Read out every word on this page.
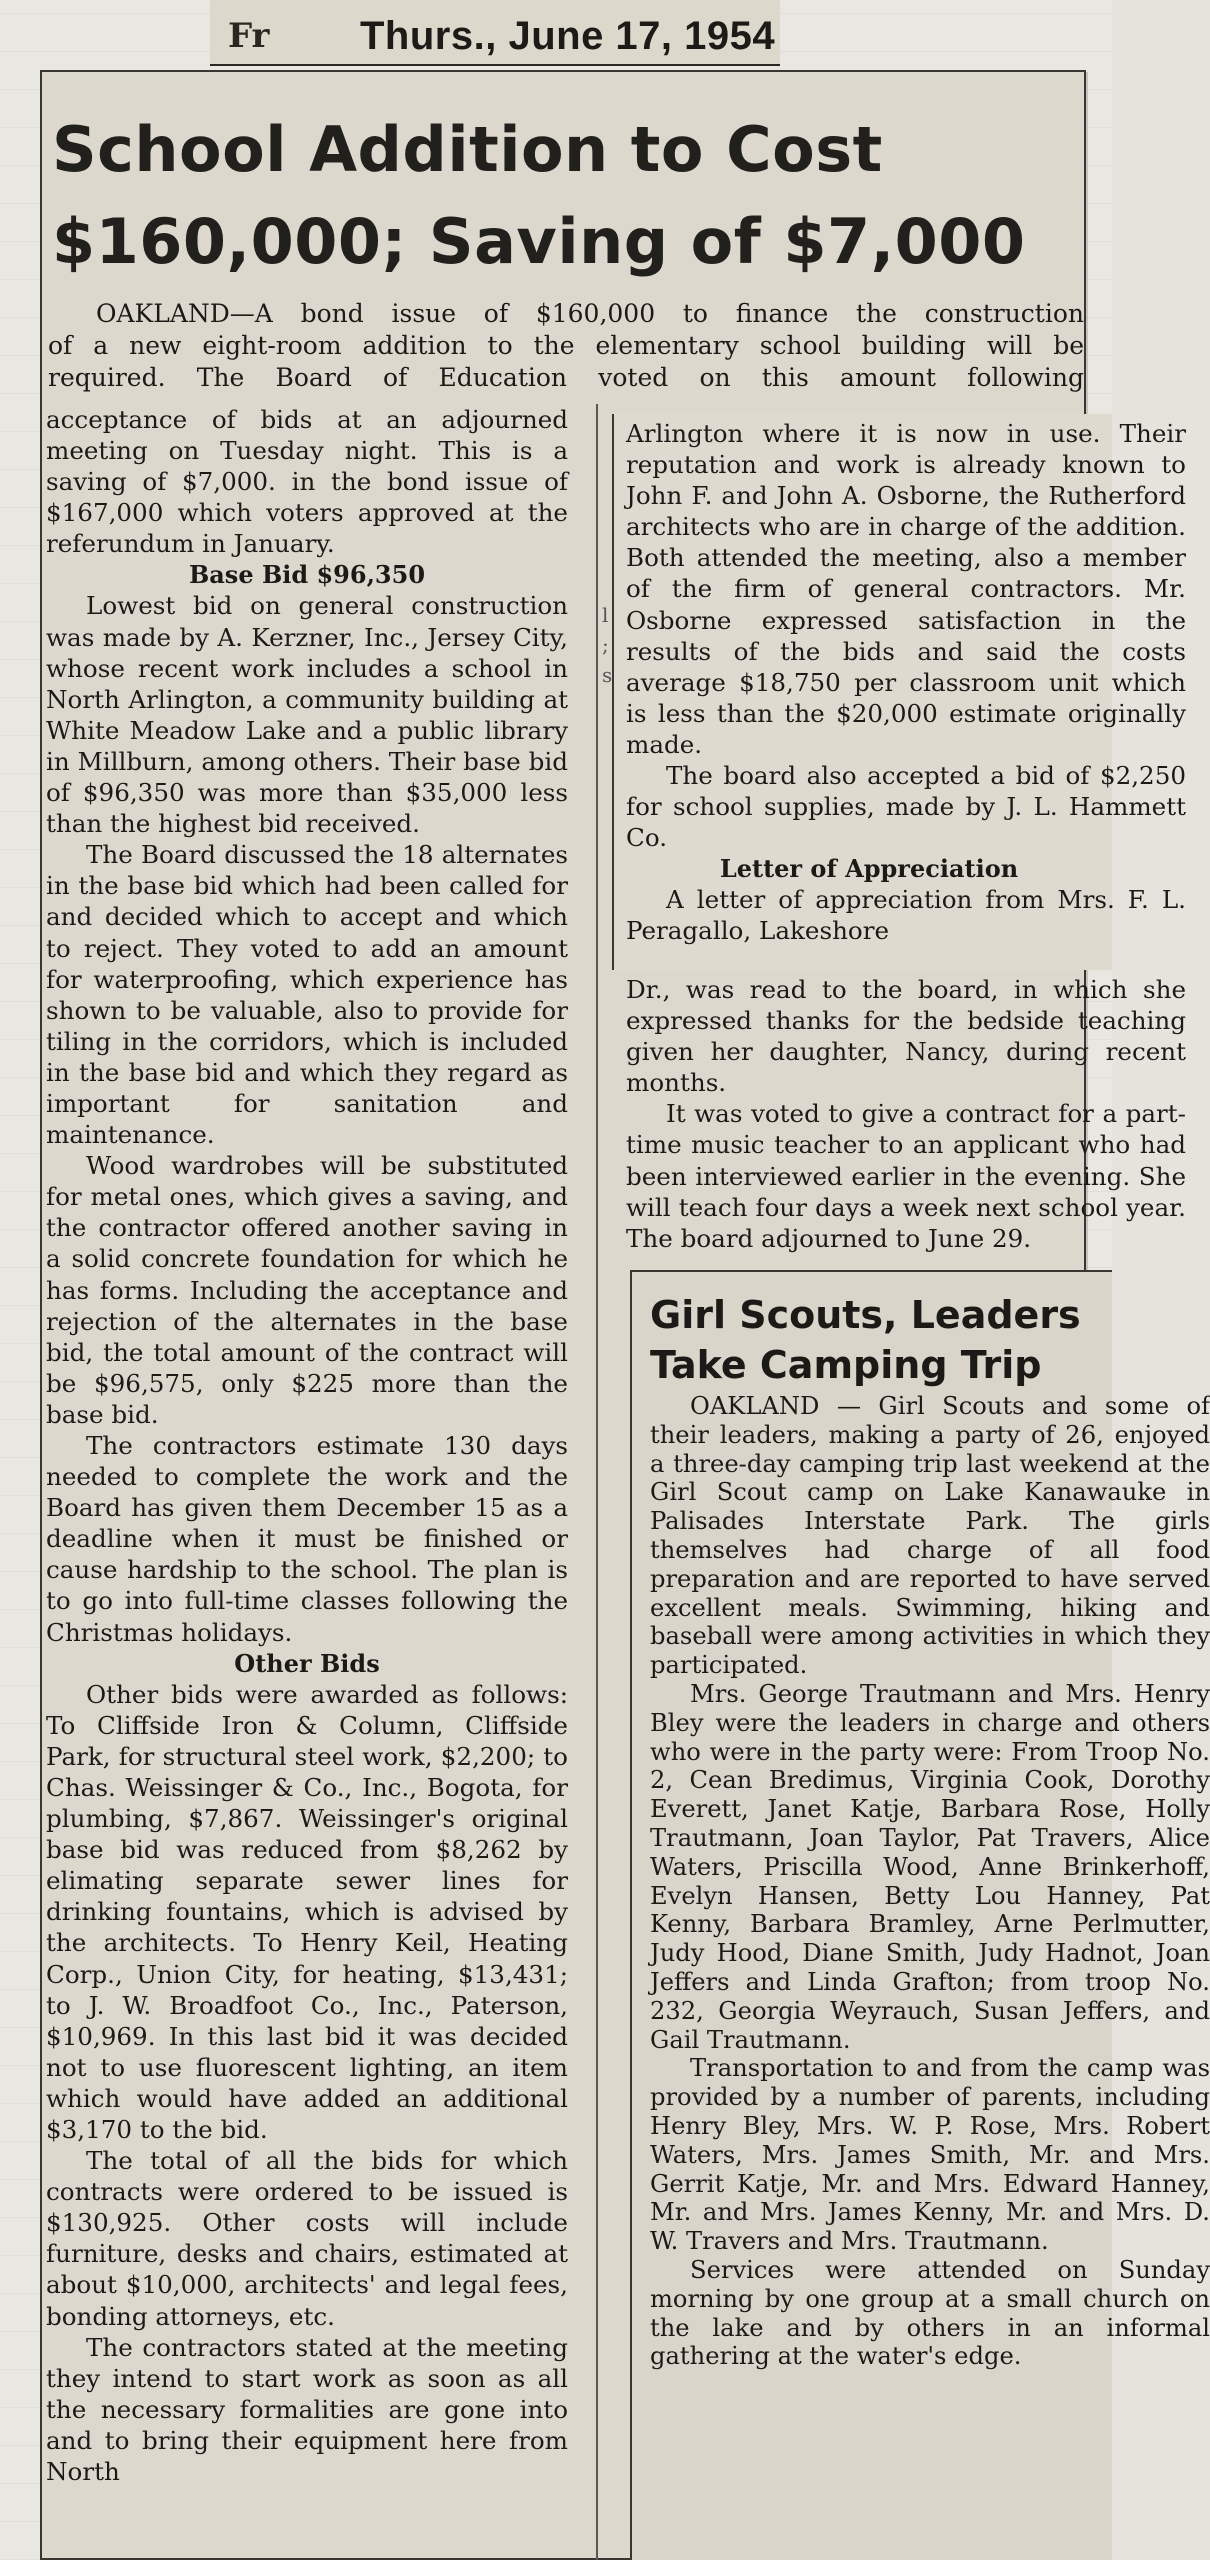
Fr	Thurs., June 17, 1954
School Addition to Cost
$160,000; Saving of $7,000
OAKLAND—A bond issue of $160,000 to finance the construction
of a new eight-room addition to the elementary school building will be
required. The Board of Education voted on this amount following

acceptance of bids at an adjourned meeting on Tuesday night. This is a saving of $7,000. in the bond issue of $167,000 which voters approved at the referundum in January.

Base Bid $96,350

Lowest bid on general construction was made by A. Kerzner, Inc., Jersey City, whose recent work includes a school in North Arlington, a community building at White Meadow Lake and a public library in Millburn, among others. Their base bid of $96,350 was more than $35,000 less than the highest bid received.

The Board discussed the 18 alternates in the base bid which had been called for and decided which to accept and which to reject. They voted to add an amount for waterproofing, which experience has shown to be valuable, also to provide for tiling in the corridors, which is included in the base bid and which they regard as important for sanitation and maintenance.

Wood wardrobes will be substituted for metal ones, which gives a saving, and the contractor offered another saving in a solid concrete foundation for which he has forms. Including the acceptance and rejection of the alternates in the base bid, the total amount of the contract will be $96,575, only $225 more than the base bid.

The contractors estimate 130 days needed to complete the work and the Board has given them December 15 as a deadline when it must be finished or cause hardship to the school. The plan is to go into full-time classes following the Christmas holidays.

Other Bids

Other bids were awarded as follows: To Cliffside Iron & Column, Cliffside Park, for structural steel work, $2,200; to Chas. Weissinger & Co., Inc., Bogota, for plumbing, $7,867. Weissinger's original base bid was reduced from $8,262 by elimating separate sewer lines for drinking fountains, which is advised by the architects. To Henry Keil, Heating Corp., Union City, for heating, $13,431; to J. W. Broadfoot Co., Inc., Paterson, $10,969. In this last bid it was decided not to use fluorescent lighting, an item which would have added an additional $3,170 to the bid.

The total of all the bids for which contracts were ordered to be issued is $130,925. Other costs will include furniture, desks and chairs, estimated at about $10,000, architects' and legal fees, bonding attorneys, etc.

The contractors stated at the meeting they intend to start work as soon as all the necessary formalities are gone into and to bring their equipment here from North

l ; s

Arlington where it is now in use. Their reputation and work is already known to John F. and John A. Osborne, the Rutherford architects who are in charge of the addition. Both attended the meeting, also a member of the firm of general contractors. Mr. Osborne expressed satisfaction in the results of the bids and said the costs average $18,750 per classroom unit which is less than the $20,000 estimate originally made.

The board also accepted a bid of $2,250 for school supplies, made by J. L. Hammett Co.

Letter of Appreciation

A letter of appreciation from Mrs. F. L. Peragallo, Lakeshore

Dr., was read to the board, in which she expressed thanks for the bedside teaching given her daughter, Nancy, during recent months.

It was voted to give a contract for a part-time music teacher to an applicant who had been interviewed earlier in the evening. She will teach four days a week next school year. The board adjourned to June 29.

Girl Scouts, Leaders
Take Camping Trip

OAKLAND — Girl Scouts and some of their leaders, making a party of 26, enjoyed a three-day camping trip last weekend at the Girl Scout camp on Lake Kanawauke in Palisades Interstate Park. The girls themselves had charge of all food preparation and are reported to have served excellent meals. Swimming, hiking and baseball were among activities in which they participated.

Mrs. George Trautmann and Mrs. Henry Bley were the leaders in charge and others who were in the party were: From Troop No. 2, Cean Bredimus, Virginia Cook, Dorothy Everett, Janet Katje, Barbara Rose, Holly Trautmann, Joan Taylor, Pat Travers, Alice Waters, Priscilla Wood, Anne Brinkerhoff, Evelyn Hansen, Betty Lou Hanney, Pat Kenny, Barbara Bramley, Arne Perlmutter, Judy Hood, Diane Smith, Judy Hadnot, Joan Jeffers and Linda Grafton; from troop No. 232, Georgia Weyrauch, Susan Jeffers, and Gail Trautmann.

Transportation to and from the camp was provided by a number of parents, including Henry Bley, Mrs. W. P. Rose, Mrs. Robert Waters, Mrs. James Smith, Mr. and Mrs. Gerrit Katje, Mr. and Mrs. Edward Hanney, Mr. and Mrs. James Kenny, Mr. and Mrs. D. W. Travers and Mrs. Trautmann.

Services were attended on Sunday morning by one group at a small church on the lake and by others in an informal gathering at the water's edge.
